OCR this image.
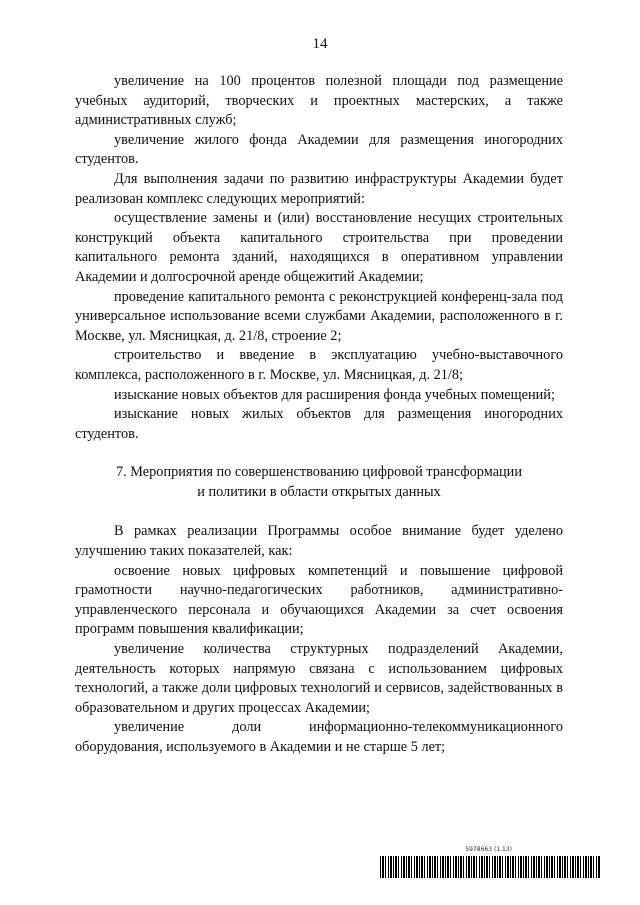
14

увеличение на 100 процентов полезной площади под размещение учебных аудиторий, творческих и проектных мастерских, а также административных служб;

увеличение жилого фонда Академии для размещения иногородних студентов.

Для выполнения задачи по развитию инфраструктуры Академии будет реализован комплекс следующих мероприятий:

осуществление замены и (или) восстановление несущих строительных конструкций объекта капитального строительства при проведении капитального ремонта зданий, находящихся в оперативном управлении Академии и долгосрочной аренде общежитий Академии;

проведение капитального ремонта с реконструкцией конференц-зала под универсальное использование всеми службами Академии, расположенного в г. Москве, ул. Мясницкая, д. 21/8, строение 2;

строительство и введение в эксплуатацию учебно-выставочного комплекса, расположенного в г. Москве, ул. Мясницкая, д. 21/8;

изыскание новых объектов для расширения фонда учебных помещений;

изыскание новых жилых объектов для размещения иногородних студентов.

7. Мероприятия по совершенствованию цифровой трансформации
и политики в области открытых данных

В рамках реализации Программы особое внимание будет уделено улучшению таких показателей, как:

освоение новых цифровых компетенций и повышение цифровой грамотности научно-педагогических работников, административно-управленческого персонала и обучающихся Академии за счет освоения программ повышения квалификации;

увеличение количества структурных подразделений Академии, деятельность которых напрямую связана с использованием цифровых технологий, а также доли цифровых технологий и сервисов, задействованных в образовательном и других процессах Академии;

увеличение доли информационно-телекоммуникационного оборудования, используемого в Академии и не старше 5 лет;

5978663 (1.13)
